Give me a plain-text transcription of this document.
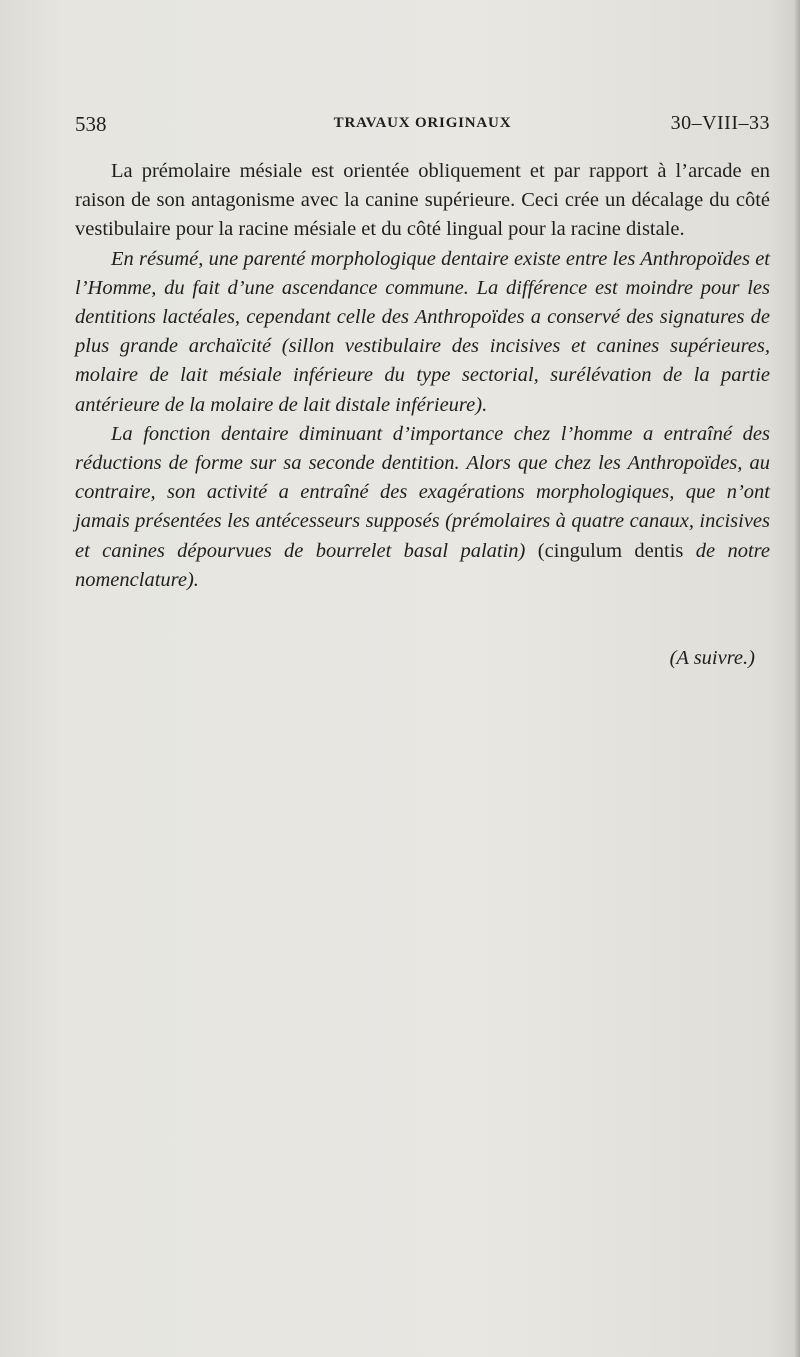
538	TRAVAUX ORIGINAUX	30–VIII–33

La prémolaire mésiale est orientée obliquement et par rapport à l’arcade en raison de son antagonisme avec la canine supérieure. Ceci crée un décalage du côté vestibulaire pour la racine mésiale et du côté lingual pour la racine distale.

En résumé, une parenté morphologique dentaire existe entre les Anthropoïdes et l’Homme, du fait d’une ascendance commune. La différence est moindre pour les dentitions lactéales, cependant celle des Anthropoïdes a conservé des signatures de plus grande archaïcité (sillon vestibulaire des incisives et canines supérieures, molaire de lait mésiale inférieure du type sectorial, surélévation de la partie antérieure de la molaire de lait distale inférieure).

La fonction dentaire diminuant d’importance chez l’homme a entraîné des réductions de forme sur sa seconde dentition. Alors que chez les Anthropoïdes, au contraire, son activité a entraîné des exagérations morphologiques, que n’ont jamais présentées les antécesseurs supposés (prémolaires à quatre canaux, incisives et canines dépourvues de bourrelet basal palatin) (cingulum dentis de notre nomenclature).

(A suivre.)
